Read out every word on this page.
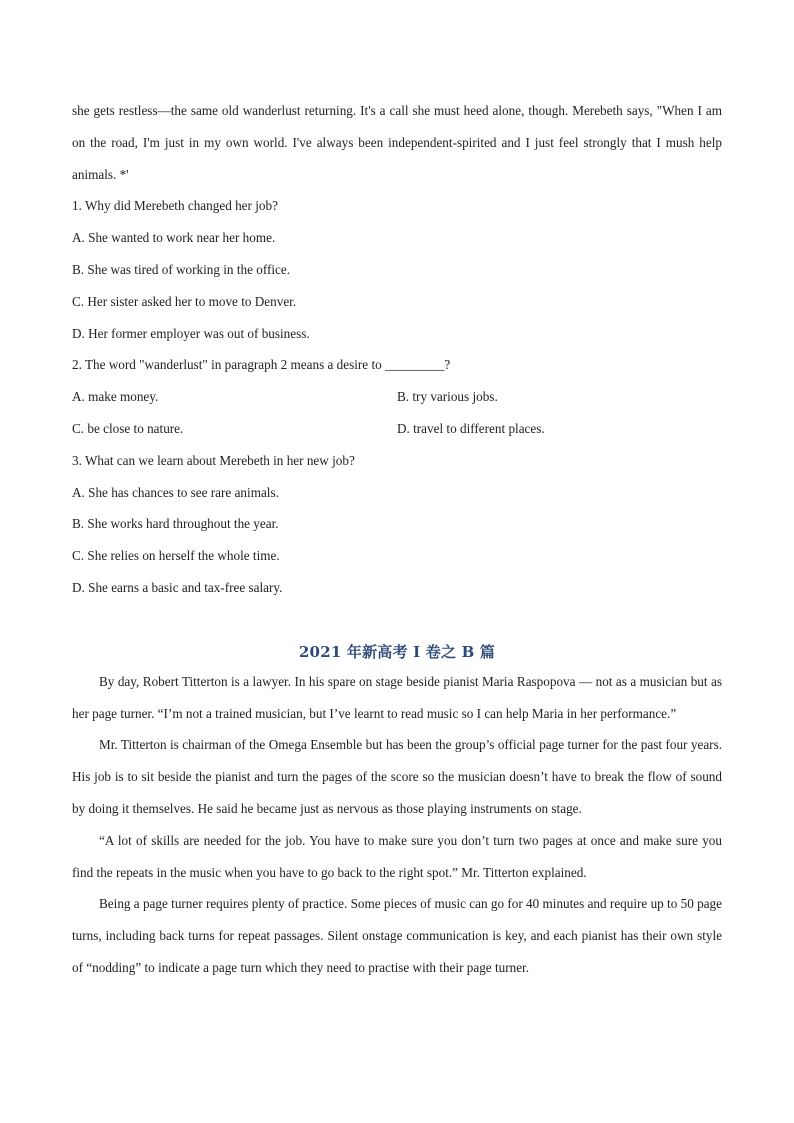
she gets restless—the same old wanderlust returning. It's a call she must heed alone, though. Merebeth says, "When I am on the road, I'm just in my own world. I've always been independent-spirited and I just feel strongly that I mush help animals. *'

1. Why did Merebeth changed her job?

A. She wanted to work near her home.

B. She was tired of working in the office.

C. Her sister asked her to move to Denver.

D. Her former employer was out of business.

2. The word "wanderlust" in paragraph 2 means a desire to _________?

A. make money.	B. try various jobs.
C. be close to nature.	D. travel to different places.

3. What can we learn about Merebeth in her new job?

A. She has chances to see rare animals.

B. She works hard throughout the year.

C. She relies on herself the whole time.

D. She earns a basic and tax-free salary.

2021 年新高考 I 卷之 B 篇

By day, Robert Titterton is a lawyer. In his spare on stage beside pianist Maria Raspopova — not as a musician but as her page turner. “I’m not a trained musician, but I’ve learnt to read music so I can help Maria in her performance.”

Mr. Titterton is chairman of the Omega Ensemble but has been the group’s official page turner for the past four years. His job is to sit beside the pianist and turn the pages of the score so the musician doesn’t have to break the flow of sound by doing it themselves. He said he became just as nervous as those playing instruments on stage.

“A lot of skills are needed for the job. You have to make sure you don’t turn two pages at once and make sure you find the repeats in the music when you have to go back to the right spot.” Mr. Titterton explained.

Being a page turner requires plenty of practice. Some pieces of music can go for 40 minutes and require up to 50 page turns, including back turns for repeat passages. Silent onstage communication is key, and each pianist has their own style of “nodding” to indicate a page turn which they need to practise with their page turner.
